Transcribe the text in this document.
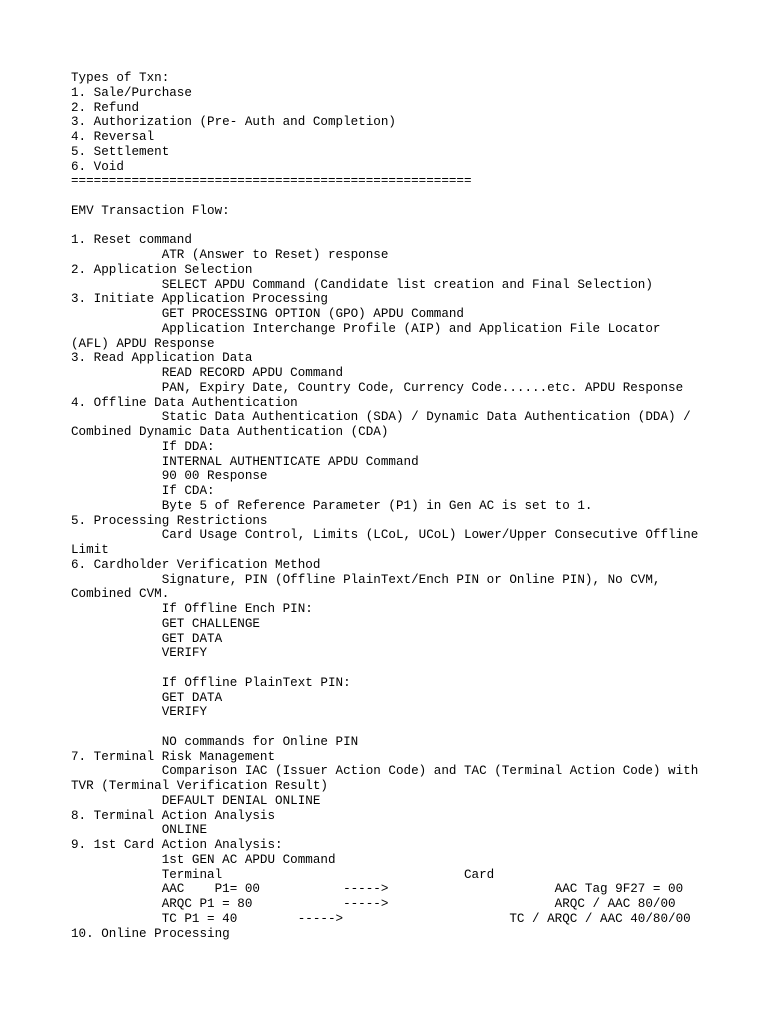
Types of Txn:
1. Sale/Purchase
2. Refund
3. Authorization (Pre- Auth and Completion)
4. Reversal
5. Settlement
6. Void
=====================================================
EMV Transaction Flow:
1. Reset command
ATR (Answer to Reset) response
2. Application Selection
SELECT APDU Command (Candidate list creation and Final Selection)
3. Initiate Application Processing
GET PROCESSING OPTION (GPO) APDU Command
Application Interchange Profile (AIP) and Application File Locator
(AFL) APDU Response
3. Read Application Data
READ RECORD APDU Command
PAN, Expiry Date, Country Code, Currency Code......etc. APDU Response
4. Offline Data Authentication
Static Data Authentication (SDA) / Dynamic Data Authentication (DDA) /
Combined Dynamic Data Authentication (CDA)
If DDA:
INTERNAL AUTHENTICATE APDU Command
90 00 Response
If CDA:
Byte 5 of Reference Parameter (P1) in Gen AC is set to 1.
5. Processing Restrictions
Card Usage Control, Limits (LCoL, UCoL) Lower/Upper Consecutive Offline
Limit
6. Cardholder Verification Method
Signature, PIN (Offline PlainText/Ench PIN or Online PIN), No CVM,
Combined CVM.
If Offline Ench PIN:
GET CHALLENGE
GET DATA
VERIFY
If Offline PlainText PIN:
GET DATA
VERIFY
NO commands for Online PIN
7. Terminal Risk Management
Comparison IAC (Issuer Action Code) and TAC (Terminal Action Code) with
TVR (Terminal Verification Result)
DEFAULT DENIAL ONLINE
8. Terminal Action Analysis
ONLINE
9. 1st Card Action Analysis:
1st GEN AC APDU Command
Terminal                                Card
AAC    P1= 00           ----->                      AAC Tag 9F27 = 00
ARQC P1 = 80            ----->                      ARQC / AAC 80/00
TC P1 = 40        ----->                      TC / ARQC / AAC 40/80/00
10. Online Processing
